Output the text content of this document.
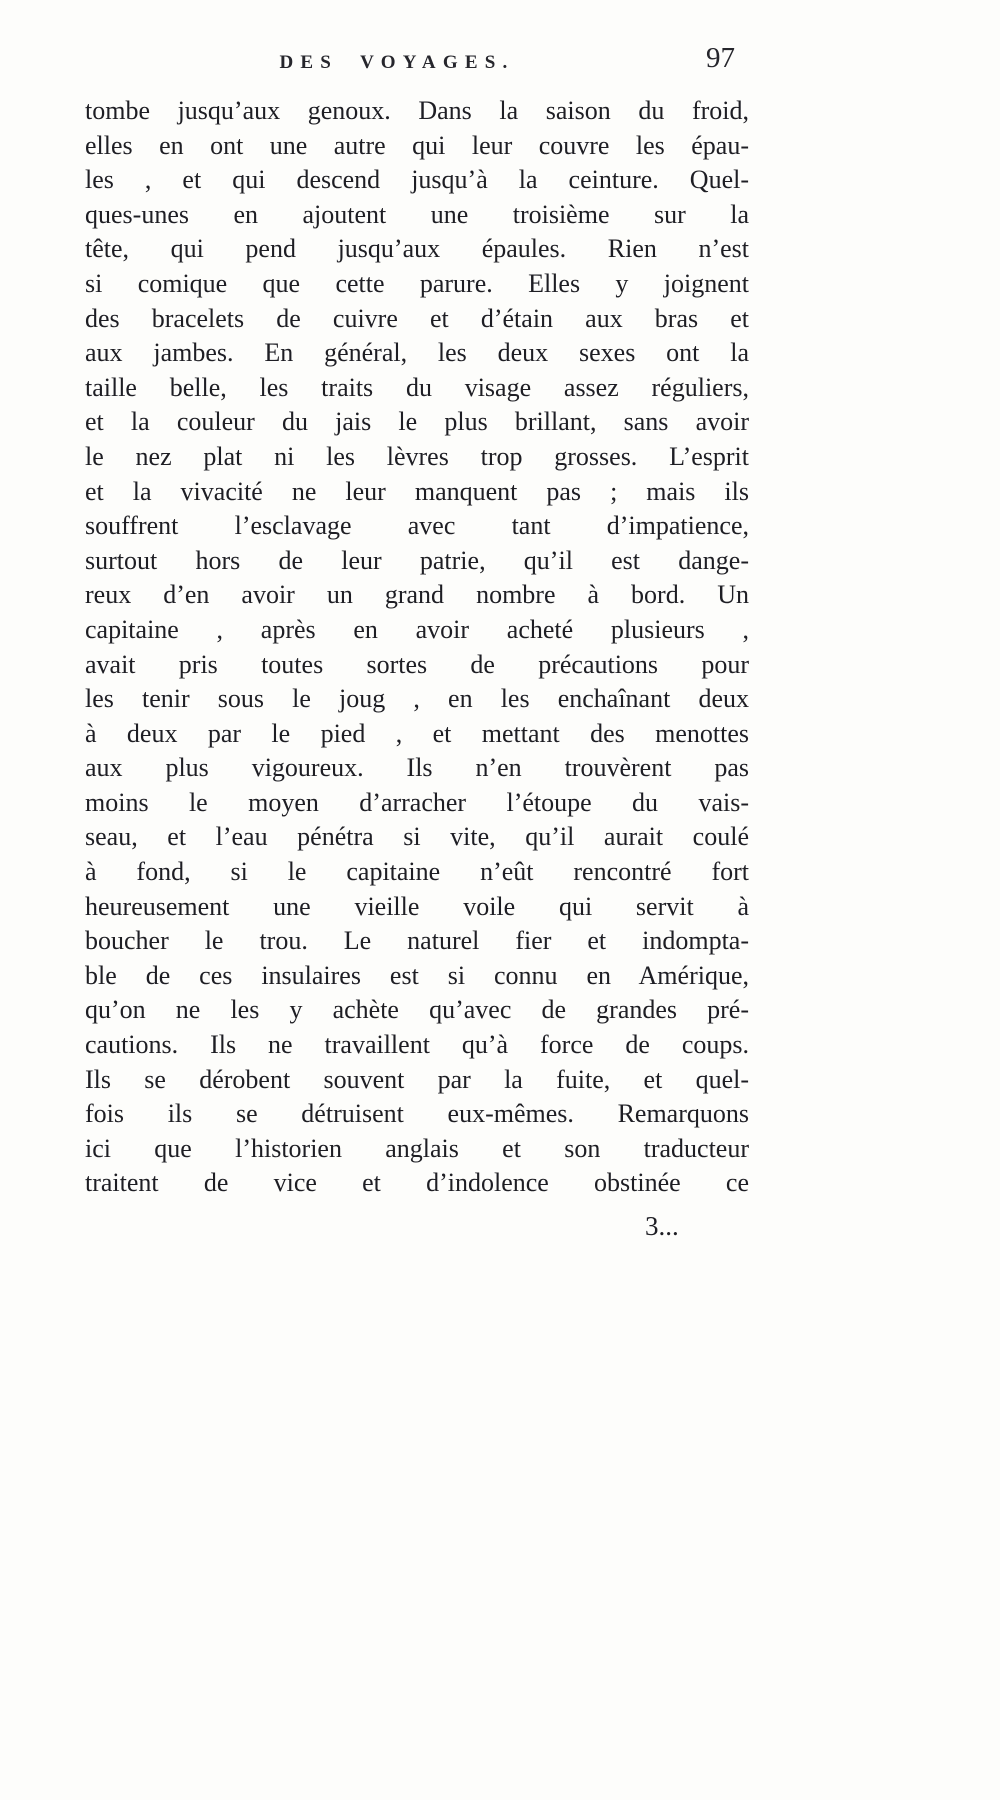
DES VOYAGES.	97
tombe jusqu’aux genoux. Dans la saison du froid,
elles en ont une autre qui leur couvre les épau-
les , et qui descend jusqu’à la ceinture. Quel-
ques-unes en ajoutent une troisième sur la
tête, qui pend jusqu’aux épaules. Rien n’est
si comique que cette parure. Elles y joignent
des bracelets de cuivre et d’étain aux bras et
aux jambes. En général, les deux sexes ont la
taille belle, les traits du visage assez réguliers,
et la couleur du jais le plus brillant, sans avoir
le nez plat ni les lèvres trop grosses. L’esprit
et la vivacité ne leur manquent pas ; mais ils
souffrent l’esclavage avec tant d’impatience,
surtout hors de leur patrie, qu’il est dange-
reux d’en avoir un grand nombre à bord. Un
capitaine , après en avoir acheté plusieurs ,
avait pris toutes sortes de précautions pour
les tenir sous le joug , en les enchaînant deux
à deux par le pied , et mettant des menottes
aux plus vigoureux. Ils n’en trouvèrent pas
moins le moyen d’arracher l’étoupe du vais-
seau, et l’eau pénétra si vite, qu’il aurait coulé
à fond, si le capitaine n’eût rencontré fort
heureusement une vieille voile qui servit à
boucher le trou. Le naturel fier et indompta-
ble de ces insulaires est si connu en Amérique,
qu’on ne les y achète qu’avec de grandes pré-
cautions. Ils ne travaillent qu’à force de coups.
Ils se dérobent souvent par la fuite, et quel-
fois ils se détruisent eux-mêmes. Remarquons
ici que l’historien anglais et son traducteur
traitent de vice et d’indolence obstinée ce
3...
